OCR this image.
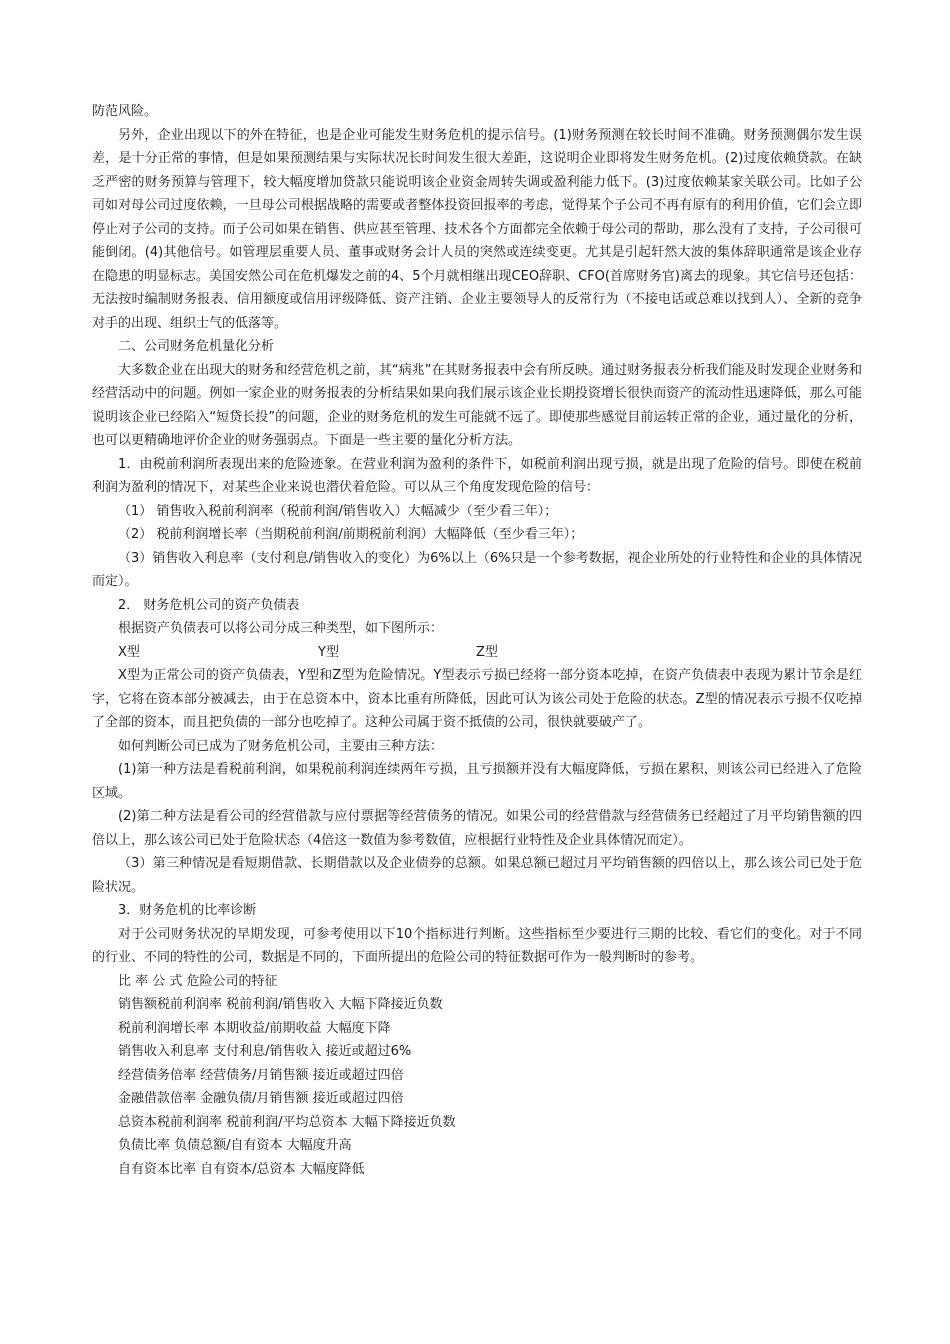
防范风险。

另外，企业出现以下的外在特征，也是企业可能发生财务危机的提示信号。(1)财务预测在较长时间不准确。财务预测偶尔发生误差，是十分正常的事情，但是如果预测结果与实际状况长时间发生很大差距，这说明企业即将发生财务危机。(2)过度依赖贷款。在缺乏严密的财务预算与管理下，较大幅度增加贷款只能说明该企业资金周转失调或盈利能力低下。(3)过度依赖某家关联公司。比如子公司如对母公司过度依赖，一旦母公司根据战略的需要或者整体投资回报率的考虑，觉得某个子公司不再有原有的利用价值，它们会立即停止对子公司的支持。而子公司如果在销售、供应甚至管理、技术各个方面都完全依赖于母公司的帮助，那么没有了支持，子公司很可能倒闭。(4)其他信号。如管理层重要人员、董事或财务会计人员的突然或连续变更。尤其是引起轩然大波的集体辞职通常是该企业存在隐患的明显标志。美国安然公司在危机爆发之前的4、5个月就相继出现CEO辞职、CFO(首席财务官)离去的现象。其它信号还包括：无法按时编制财务报表、信用额度或信用评级降低、资产注销、企业主要领导人的反常行为（不接电话或总难以找到人）、全新的竞争对手的出现、组织士气的低落等。

二、公司财务危机量化分析

大多数企业在出现大的财务和经营危机之前，其“病兆”在其财务报表中会有所反映。通过财务报表分析我们能及时发现企业财务和经营活动中的问题。例如一家企业的财务报表的分析结果如果向我们展示该企业长期投资增长很快而资产的流动性迅速降低，那么可能说明该企业已经陷入“短贷长投”的问题，企业的财务危机的发生可能就不远了。即使那些感觉目前运转正常的企业，通过量化的分析，也可以更精确地评价企业的财务强弱点。下面是一些主要的量化分析方法。

1．由税前利润所表现出来的危险迹象。在营业利润为盈利的条件下，如税前利润出现亏损，就是出现了危险的信号。即使在税前利润为盈利的情况下，对某些企业来说也潜伏着危险。可以从三个角度发现危险的信号：

（1） 销售收入税前利润率（税前利润/销售收入）大幅减少（至少看三年）；

（2） 税前利润增长率（当期税前利润/前期税前利润）大幅降低（至少看三年）；

（3）销售收入利息率（支付利息/销售收入的变化）为6%以上（6%只是一个参考数据，视企业所处的行业特性和企业的具体情况而定）。

2． 财务危机公司的资产负债表

根据资产负债表可以将公司分成三种类型，如下图所示：

X型	Y型	Z型

X型为正常公司的资产负债表，Y型和Z型为危险情况。Y型表示亏损已经将一部分资本吃掉，在资产负债表中表现为累计节余是红字，它将在资本部分被减去，由于在总资本中，资本比重有所降低，因此可认为该公司处于危险的状态。Z型的情况表示亏损不仅吃掉了全部的资本，而且把负债的一部分也吃掉了。这种公司属于资不抵债的公司，很快就要破产了。

如何判断公司已成为了财务危机公司，主要由三种方法：

(1)第一种方法是看税前利润，如果税前利润连续两年亏损，且亏损额并没有大幅度降低，亏损在累积，则该公司已经进入了危险区域。

(2)第二种方法是看公司的经营借款与应付票据等经营债务的情况。如果公司的经营借款与经营债务已经超过了月平均销售额的四倍以上，那么该公司已处于危险状态（4倍这一数值为参考数值，应根据行业特性及企业具体情况而定）。

（3）第三种情况是看短期借款、长期借款以及企业债券的总额。如果总额已超过月平均销售额的四倍以上，那么该公司已处于危险状况。

3．财务危机的比率诊断

对于公司财务状况的早期发现，可参考使用以下10个指标进行判断。这些指标至少要进行三期的比较、看它们的变化。对于不同的行业、不同的特性的公司，数据是不同的，下面所提出的危险公司的特征数据可作为一般判断时的参考。

比 率 公 式 危险公司的特征

销售额税前利润率 税前利润/销售收入 大幅下降接近负数

税前利润增长率 本期收益/前期收益 大幅度下降

销售收入利息率 支付利息/销售收入 接近或超过6%

经营债务倍率 经营债务/月销售额 接近或超过四倍

金融借款倍率 金融负债/月销售额 接近或超过四倍

总资本税前利润率 税前利润/平均总资本 大幅下降接近负数

负债比率 负债总额/自有资本 大幅度升高

自有资本比率 自有资本/总资本 大幅度降低
